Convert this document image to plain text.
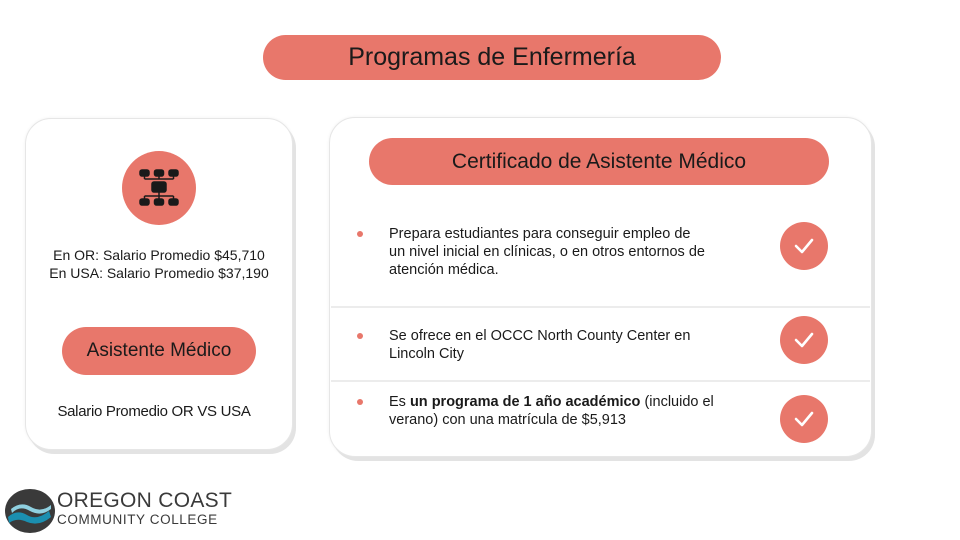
Programas de Enfermería
En OR: Salario Promedio $45,710
En USA: Salario Promedio $37,190
Asistente Médico
Salario Promedio OR VS USA
Certificado de Asistente Médico
Prepara estudiantes para conseguir empleo de
un nivel inicial en clínicas, o en otros entornos de
atención médica.
Se ofrece en el OCCC North County Center en
Lincoln City
Es un programa de 1 año académico (incluido el
verano) con una matrícula de $5,913
OREGON COAST
COMMUNITY COLLEGE
